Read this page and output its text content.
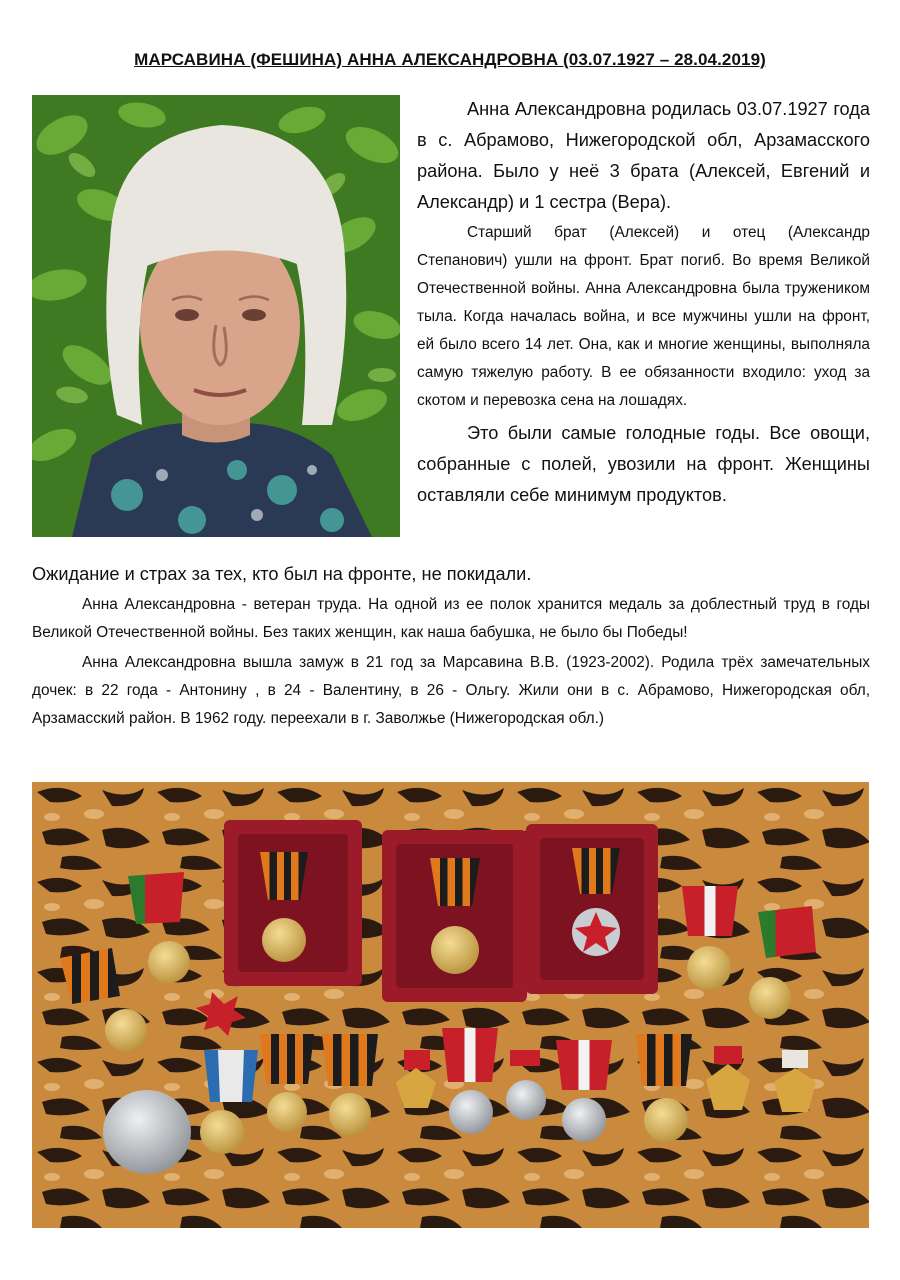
МАРСАВИНА (ФЕШИНА) АННА АЛЕКСАНДРОВНА (03.07.1927 – 28.04.2019)

Анна Александровна родилась 03.07.1927 года в с. Абрамово, Нижегородской обл, Арзамасского района. Было у неё 3 брата (Алексей, Евгений и Александр) и 1 сестра (Вера).

Старший брат (Алексей) и отец (Александр Степанович) ушли на фронт. Брат погиб. Во время Великой Отечественной войны. Анна Александровна была тружеником тыла. Когда началась война, и все мужчины ушли на фронт, ей было всего 14 лет. Она, как и многие женщины, выполняла самую тяжелую работу. В ее обязанности входило: уход за скотом и перевозка сена на лошадях.

Это были самые голодные годы. Все овощи, собранные с полей, увозили на фронт. Женщины оставляли себе минимум продуктов.

Ожидание и страх за тех, кто был на фронте, не покидали.

Анна Александровна - ветеран труда. На одной из ее полок хранится медаль за доблестный труд в годы Великой Отечественной войны. Без таких женщин, как наша бабушка, не было бы Победы!

Анна Александровна вышла замуж в 21 год за Марсавина В.В. (1923-2002). Родила трёх замечательных дочек: в 22 года - Антонину , в 24 - Валентину, в 26 - Ольгу. Жили они в с. Абрамово, Нижегородская обл, Арзамасский район. В 1962 году. переехали в г. Заволжье (Нижегородская обл.)
